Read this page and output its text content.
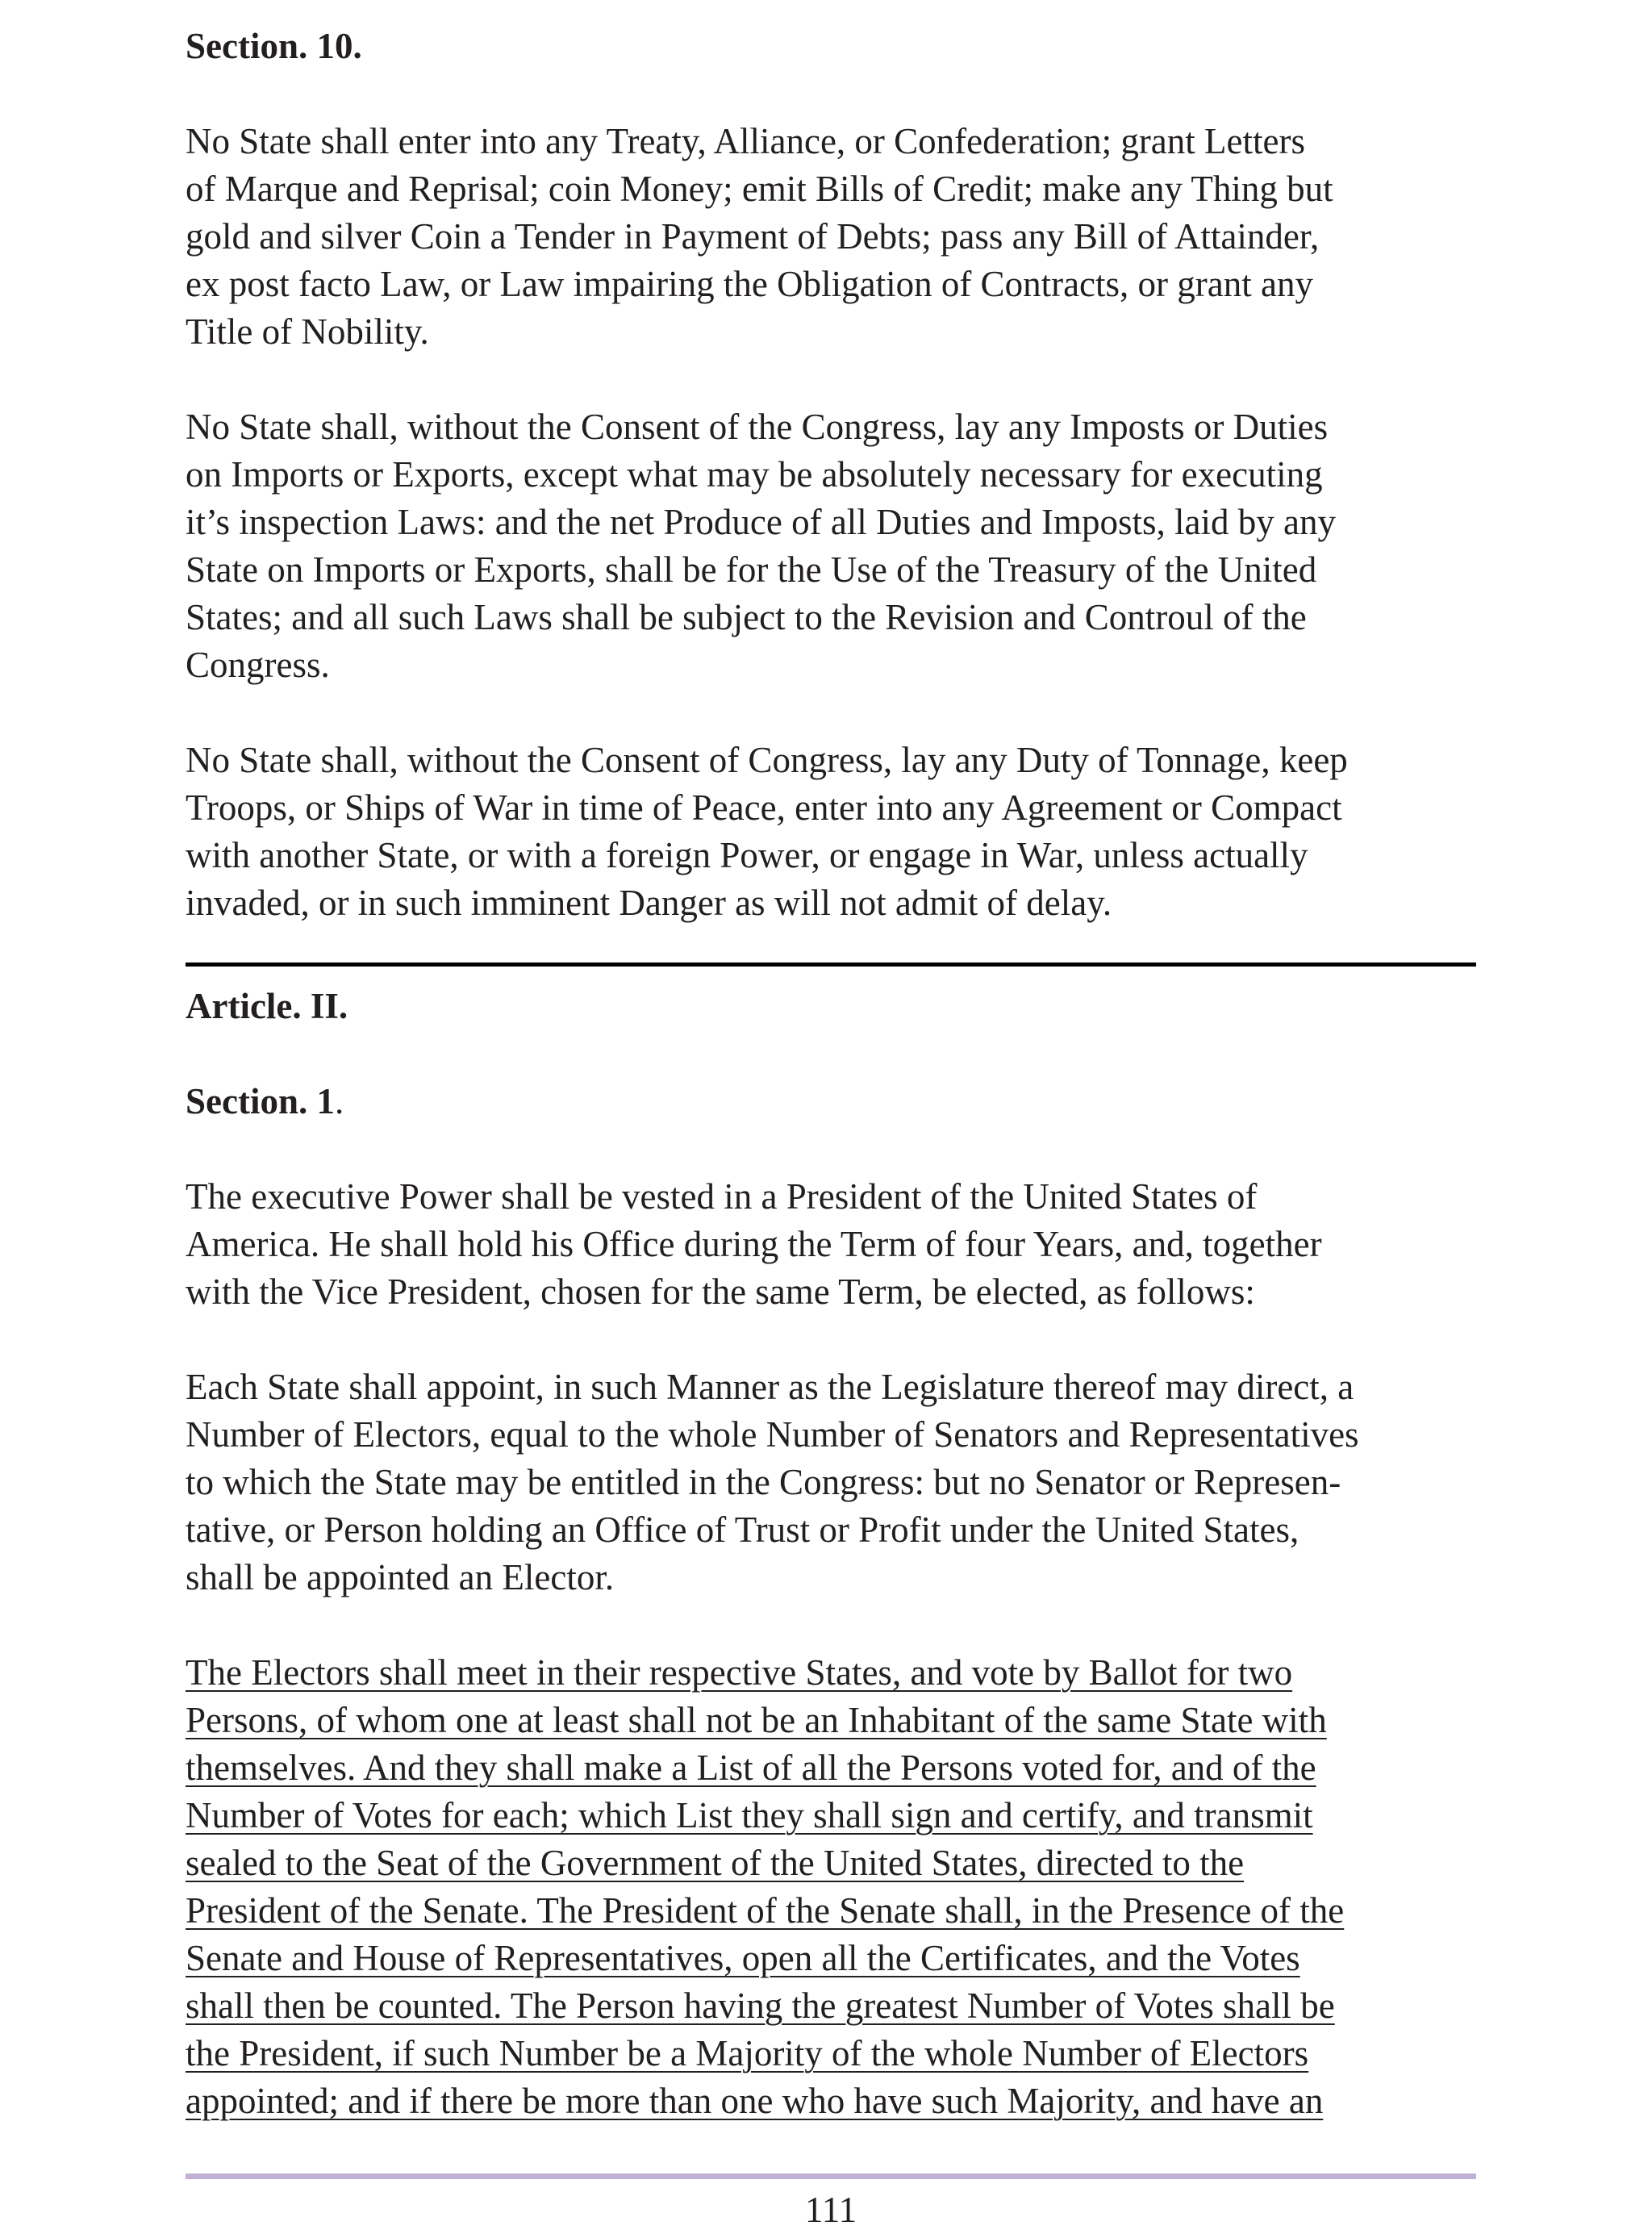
Section. 10.
No State shall enter into any Treaty, Alliance, or Confederation; grant Letters
of Marque and Reprisal; coin Money; emit Bills of Credit; make any Thing but
gold and silver Coin a Tender in Payment of Debts; pass any Bill of Attainder,
ex post facto Law, or Law impairing the Obligation of Contracts, or grant any
Title of Nobility.
No State shall, without the Consent of the Congress, lay any Imposts or Duties
on Imports or Exports, except what may be absolutely necessary for executing
it’s inspection Laws: and the net Produce of all Duties and Imposts, laid by any
State on Imports or Exports, shall be for the Use of the Treasury of the United
States; and all such Laws shall be subject to the Revision and Controul of the
Congress.
No State shall, without the Consent of Congress, lay any Duty of Tonnage, keep
Troops, or Ships of War in time of Peace, enter into any Agreement or Compact
with another State, or with a foreign Power, or engage in War, unless actually
invaded, or in such imminent Danger as will not admit of delay.
Article. II.
Section. 1.
The executive Power shall be vested in a President of the United States of
America. He shall hold his Office during the Term of four Years, and, together
with the Vice President, chosen for the same Term, be elected, as follows:
Each State shall appoint, in such Manner as the Legislature thereof may direct, a
Number of Electors, equal to the whole Number of Senators and Representatives
to which the State may be entitled in the Congress: but no Senator or Represen-
tative, or Person holding an Office of Trust or Profit under the United States,
shall be appointed an Elector.
The Electors shall meet in their respective States, and vote by Ballot for two
Persons, of whom one at least shall not be an Inhabitant of the same State with
themselves. And they shall make a List of all the Persons voted for, and of the
Number of Votes for each; which List they shall sign and certify, and transmit
sealed to the Seat of the Government of the United States, directed to the
President of the Senate. The President of the Senate shall, in the Presence of the
Senate and House of Representatives, open all the Certificates, and the Votes
shall then be counted. The Person having the greatest Number of Votes shall be
the President, if such Number be a Majority of the whole Number of Electors
appointed; and if there be more than one who have such Majority, and have an
111
